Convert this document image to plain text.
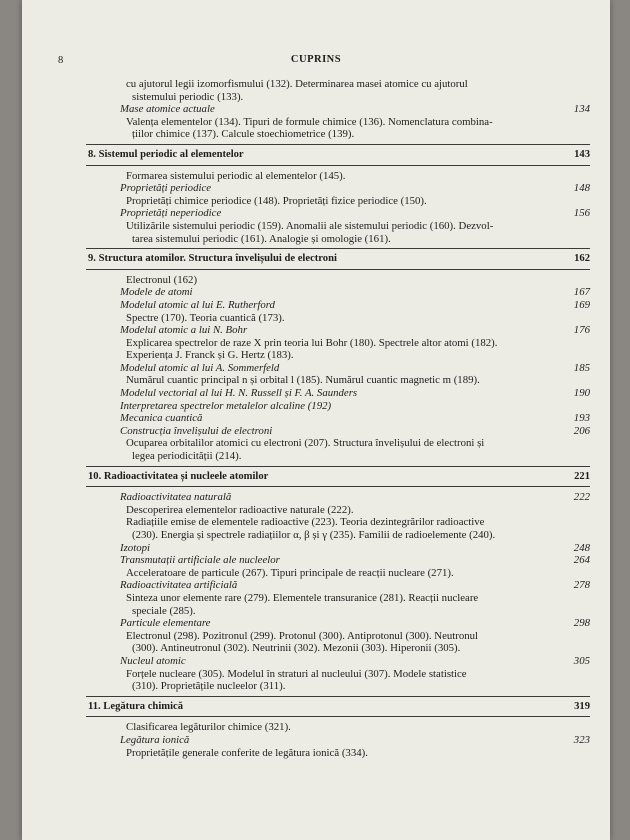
8	CUPRINS
cu ajutorul legii izomorfismului (132). Determinarea masei atomice cu ajutorul
sistemului periodic (133).
Mase atomice actuale	134
Valența elementelor (134). Tipuri de formule chimice (136). Nomenclatura combina-
țiilor chimice (137). Calcule stoechiometrice (139).
8. Sistemul periodic al elementelor	143
Formarea sistemului periodic al elementelor (145).
Proprietăți periodice	148
Proprietăți chimice periodice (148). Proprietăți fizice periodice (150).
Proprietăți neperiodice	156
Utilizările sistemului periodic (159). Anomalii ale sistemului periodic (160). Dezvol-
tarea sistemului periodic (161). Analogie și omologie (161).
9. Structura atomilor. Structura învelișului de electroni	162
Electronul (162)
Modele de atomi	167
Modelul atomic al lui E. Rutherford	169
Spectre (170). Teoria cuantică (173).
Modelul atomic a lui N. Bohr	176
Explicarea spectrelor de raze X prin teoria lui Bohr (180). Spectrele altor atomi (182).
Experiența J. Franck și G. Hertz (183).
Modelul atomic al lui A. Sommerfeld	185
Numărul cuantic principal n și orbital l (185). Numărul cuantic magnetic m (189).
Modelul vectorial al lui H. N. Russell și F. A. Saunders	190
Interpretarea spectrelor metalelor alcaline (192)
Mecanica cuantică	193
Construcția învelișului de electroni	206
Ocuparea orbitalilor atomici cu electroni (207). Structura învelișului de electroni și
legea periodicității (214).
10. Radioactivitatea și nucleele atomilor	221
Radioactivitatea naturală	222
Descoperirea elementelor radioactive naturale (222).
Radiațiile emise de elementele radioactive (223). Teoria dezintegrărilor radioactive
(230). Energia și spectrele radiațiilor α, β și γ (235). Familii de radioelemente (240).
Izotopi	248
Transmutații artificiale ale nucleelor	264
Acceleratoare de particule (267). Tipuri principale de reacții nucleare (271).
Radioactivitatea artificială	278
Sinteza unor elemente rare (279). Elementele transuranice (281). Reacții nucleare
speciale (285).
Particule elementare	298
Electronul (298). Pozitronul (299). Protonul (300). Antiprotonul (300). Neutronul
(300). Antineutronul (302). Neutrinii (302). Mezonii (303). Hiperonii (305).
Nucleul atomic	305
Forțele nucleare (305). Modelul în straturi al nucleului (307). Modele statistice
(310). Proprietățile nucleelor (311).
11. Legătura chimică	319
Clasificarea legăturilor chimice (321).
Legătura ionică	323
Proprietățile generale conferite de legătura ionică (334).
